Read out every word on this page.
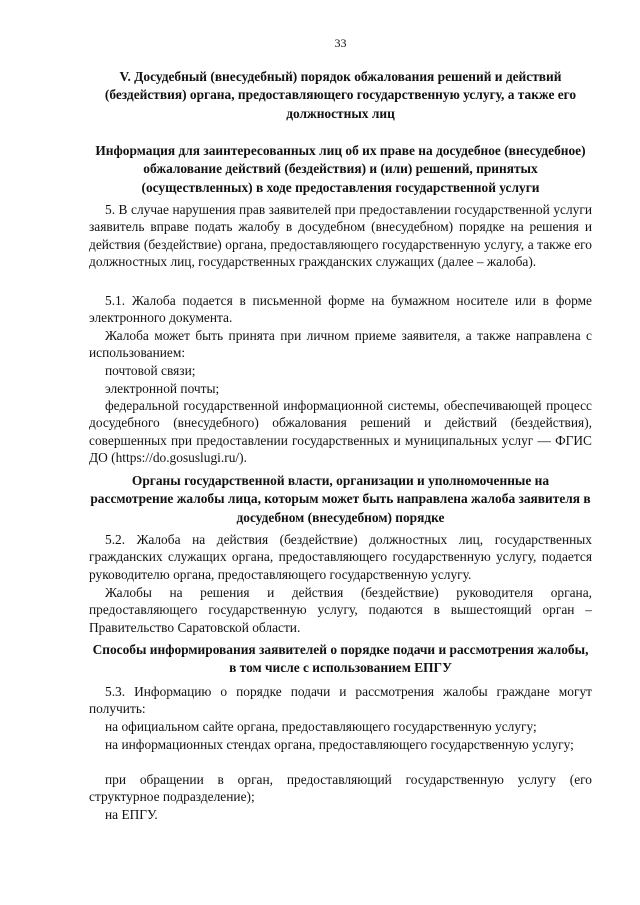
33
V. Досудебный (внесудебный) порядок обжалования решений и действий (бездействия) органа, предоставляющего государственную услугу, а также его должностных лиц
Информация для заинтересованных лиц об их праве на досудебное (внесудебное) обжалование действий (бездействия) и (или) решений, принятых (осуществленных) в ходе предоставления государственной услуги
5. В случае нарушения прав заявителей при предоставлении государственной услуги заявитель вправе подать жалобу в досудебном (внесудебном) порядке на решения и действия (бездействие) органа, предоставляющего государственную услугу, а также его должностных лиц, государственных гражданских служащих (далее – жалоба).
5.1. Жалоба подается в письменной форме на бумажном носителе или в форме электронного документа.
Жалоба может быть принята при личном приеме заявителя, а также направлена с использованием:
почтовой связи;
электронной почты;
федеральной государственной информационной системы, обеспечивающей процесс досудебного (внесудебного) обжалования решений и действий (бездействия), совершенных при предоставлении государственных и муниципальных услуг — ФГИС ДО (https://do.gosuslugi.ru/).
Органы государственной власти, организации и уполномоченные на рассмотрение жалобы лица, которым может быть направлена жалоба заявителя в досудебном (внесудебном) порядке
5.2. Жалоба на действия (бездействие) должностных лиц, государственных гражданских служащих органа, предоставляющего государственную услугу, подается руководителю органа, предоставляющего государственную услугу.
Жалобы на решения и действия (бездействие) руководителя органа, предоставляющего государственную услугу, подаются в вышестоящий орган – Правительство Саратовской области.
Способы информирования заявителей о порядке подачи и рассмотрения жалобы, в том числе с использованием ЕПГУ
5.3. Информацию о порядке подачи и рассмотрения жалобы граждане могут получить:
на официальном сайте органа, предоставляющего государственную услугу;
на информационных стендах органа, предоставляющего государственную услугу;
при обращении в орган, предоставляющий государственную услугу (его структурное подразделение);
на ЕПГУ.
